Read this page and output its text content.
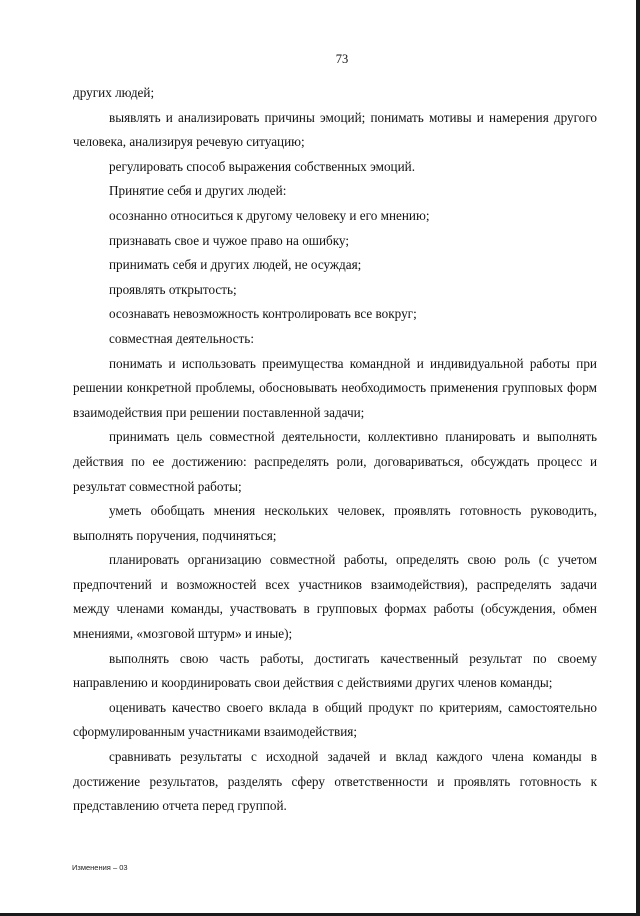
73

других людей;

выявлять и анализировать причины эмоций; понимать мотивы и намерения другого человека, анализируя речевую ситуацию;

регулировать способ выражения собственных эмоций.

Принятие себя и других людей:

осознанно относиться к другому человеку и его мнению;

признавать свое и чужое право на ошибку;

принимать себя и других людей, не осуждая;

проявлять открытость;

осознавать невозможность контролировать все вокруг;

совместная деятельность:

понимать и использовать преимущества командной и индивидуальной работы при решении конкретной проблемы, обосновывать необходимость применения групповых форм взаимодействия при решении поставленной задачи;

принимать цель совместной деятельности, коллективно планировать и выполнять действия по ее достижению: распределять роли, договариваться, обсуждать процесс и результат совместной работы;

уметь обобщать мнения нескольких человек, проявлять готовность руководить, выполнять поручения, подчиняться;

планировать организацию совместной работы, определять свою роль (с учетом предпочтений и возможностей всех участников взаимодействия), распределять задачи между членами команды, участвовать в групповых формах работы (обсуждения, обмен мнениями, «мозговой штурм» и иные);

выполнять свою часть работы, достигать качественный результат по своему направлению и координировать свои действия с действиями других членов команды;

оценивать качество своего вклада в общий продукт по критериям, самостоятельно сформулированным участниками взаимодействия;

сравнивать результаты с исходной задачей и вклад каждого члена команды в достижение результатов, разделять сферу ответственности и проявлять готовность к представлению отчета перед группой.

Изменения – 03
